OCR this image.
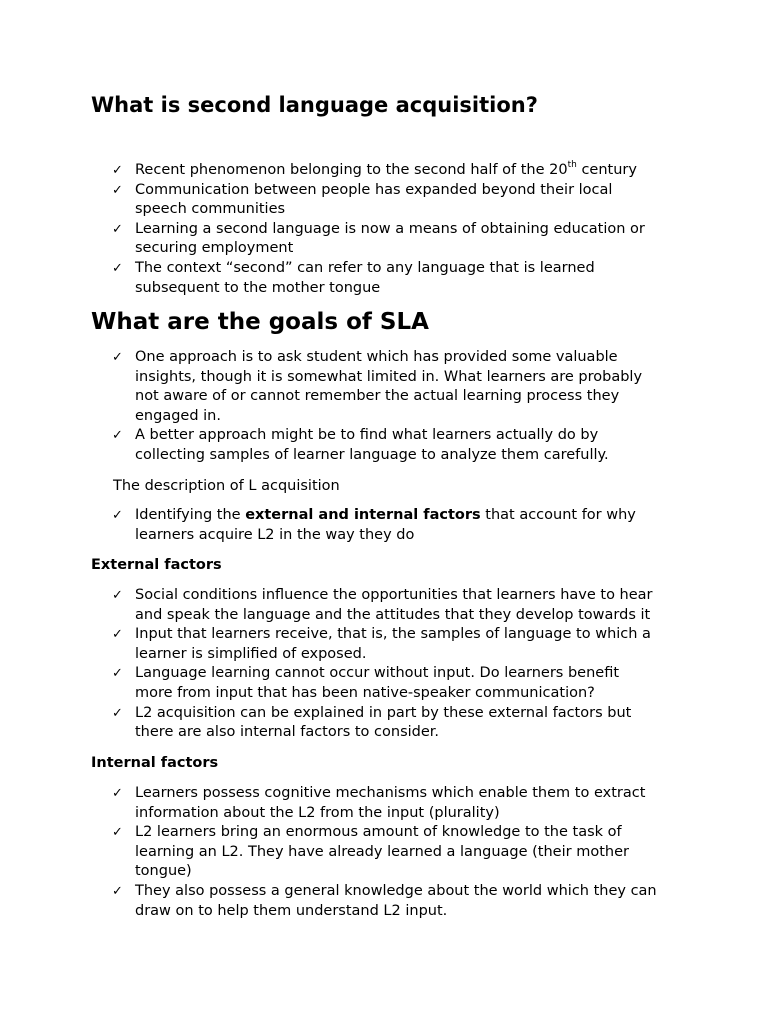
What is second language acquisition?
✓ Recent phenomenon belonging to the second half of the 20th century
✓ Communication between people has expanded beyond their local
speech communities
✓ Learning a second language is now a means of obtaining education or
securing employment
✓ The context “second” can refer to any language that is learned
subsequent to the mother tongue
What are the goals of SLA
✓ One approach is to ask student which has provided some valuable
insights, though it is somewhat limited in. What learners are probably
not aware of or cannot remember the actual learning process they
engaged in.
✓ A better approach might be to find what learners actually do by
collecting samples of learner language to analyze them carefully.

The description of L acquisition

✓ Identifying the external and internal factors that account for why
learners acquire L2 in the way they do
External factors
✓ Social conditions influence the opportunities that learners have to hear
and speak the language and the attitudes that they develop towards it
✓ Input that learners receive, that is, the samples of language to which a
learner is simplified of exposed.
✓ Language learning cannot occur without input. Do learners benefit
more from input that has been native-speaker communication?
✓ L2 acquisition can be explained in part by these external factors but
there are also internal factors to consider.
Internal factors
✓ Learners possess cognitive mechanisms which enable them to extract
information about the L2 from the input (plurality)
✓ L2 learners bring an enormous amount of knowledge to the task of
learning an L2. They have already learned a language (their mother
tongue)
✓ They also possess a general knowledge about the world which they can
draw on to help them understand L2 input.
